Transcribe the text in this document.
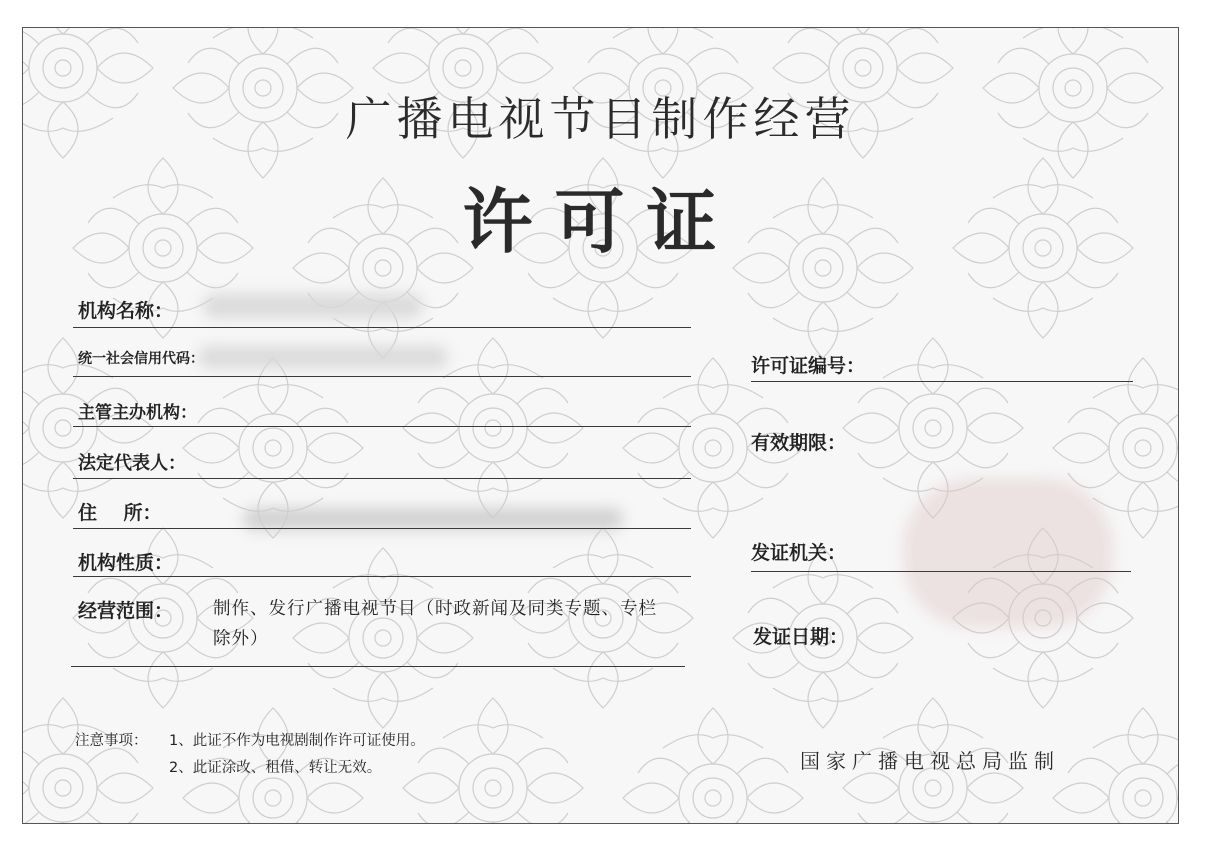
广播电视节目制作经营
许可证
机构名称：
统一社会信用代码：
主管主办机构：
法定代表人：
住    所：
机构性质：
经营范围： 制作、发行广播电视节目（时政新闻及同类专题、专栏除外）
许可证编号：
有效期限：
发证机关：
发证日期：
注意事项： 1、此证不作为电视剧制作许可证使用。
2、此证涂改、租借、转让无效。	国家广播电视总局监制
